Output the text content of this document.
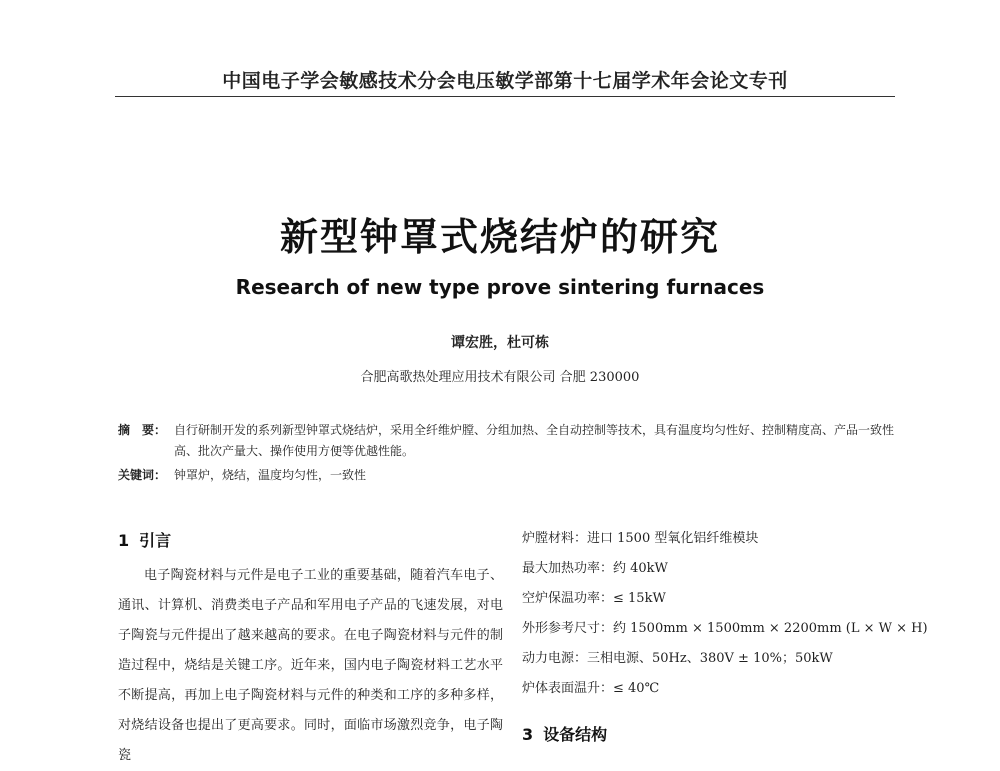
中国电子学会敏感技术分会电压敏学部第十七届学术年会论文专刊
新型钟罩式烧结炉的研究
Research of new type prove sintering furnaces
谭宏胜，杜可栋
合肥高歌热处理应用技术有限公司 合肥 230000
摘　要： 自行研制开发的系列新型钟罩式烧结炉，采用全纤维炉膛、分组加热、全自动控制等技术，具有温度均匀性好、控制精度高、产品一致性高、批次产量大、操作使用方便等优越性能。
关键词： 钟罩炉，烧结，温度均匀性，一致性
1 引言

电子陶瓷材料与元件是电子工业的重要基础，随着汽车电子、通讯、计算机、消费类电子产品和军用电子产品的飞速发展，对电子陶瓷与元件提出了越来越高的要求。在电子陶瓷材料与元件的制造过程中，烧结是关键工序。近年来，国内电子陶瓷材料工艺水平不断提高，再加上电子陶瓷材料与元件的种类和工序的多种多样，对烧结设备也提出了更高要求。同时，面临市场激烈竞争，电子陶瓷

炉膛材料：进口 1500 型氧化铝纤维模块
最大加热功率：约 40kW
空炉保温功率：≤ 15kW
外形参考尺寸：约 1500mm × 1500mm × 2200mm (L × W × H)
动力电源：三相电源、50Hz、380V ± 10%；50kW
炉体表面温升：≤ 40℃
3 设备结构
